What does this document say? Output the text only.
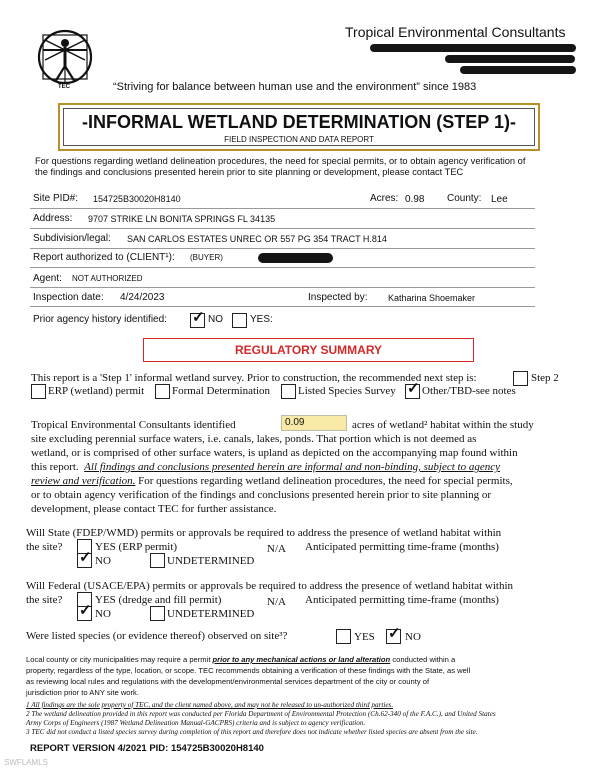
TEC
Tropical Environmental Consultants
“Striving for balance between human use and the environment” since 1983
-INFORMAL WETLAND DETERMINATION (STEP 1)-
FIELD INSPECTION AND DATA REPORT
For questions regarding wetland delineation procedures, the need for special permits, or to obtain agency verification of the findings and conclusions presented herein prior to site planning or development, please contact TEC
Site PID#: 154725B30020H8140	Acres: 0.98 County: Lee
Address: 9707 STRIKE LN BONITA SPRINGS FL 34135
Subdivision/legal: SAN CARLOS ESTATES UNREC OR 557 PG 354 TRACT H.814
Report authorized to (CLIENT¹): (BUYER)
Agent: NOT AUTHORIZED
Inspection date: 4/24/2023	Inspected by: Katharina Shoemaker
Prior agency history identified: ✓ NO	YES:
REGULATORY SUMMARY
This report is a 'Step 1' informal wetland survey. Prior to construction, the recommended next step is:	Step 2
ERP (wetland) permit	Formal Determination	Listed Species Survey ✓ Other/TBD-see notes
Tropical Environmental Consultants identified	0.09	acres of wetland² habitat within the study
site excluding perennial surface waters, i.e. canals, lakes, ponds. That portion which is not deemed as
wetland, or is comprised of other surface waters, is upland as depicted on the accompanying map found within
this report. All findings and conclusions presented herein are informal and non-binding, subject to agency
review and verification. For questions regarding wetland delineation procedures, the need for special permits,
or to obtain agency verification of the findings and conclusions presented herein prior to site planning or
development, please contact TEC for further assistance.
Will State (FDEP/WMD) permits or approvals be required to address the presence of wetland habitat within
the site?	YES (ERP permit)	N/A Anticipated permitting time-frame (months)
✓ NO	UNDETERMINED
Will Federal (USACE/EPA) permits or approvals be required to address the presence of wetland habitat within
the site?	YES (dredge and fill permit)	N/A Anticipated permitting time-frame (months)
✓ NO	UNDETERMINED
Were listed species (or evidence thereof) observed on site³?	YES ✓ NO
Local county or city municipalities may require a permit prior to any mechanical actions or land alteration conducted within a
property, regardless of the type, location, or scope. TEC recommends obtaining a verification of these findings with the State, as well
as reviewing local rules and regulations with the development/environmental services department of the city or county of
jurisdiction prior to ANY site work.
1 All findings are the sole property of TEC, and the client named above, and may not be released to un-authorized third parties.
2 The wetland delineation provided in this report was conducted per Florida Department of Environmental Protection (Ch.62-340 of the F.A.C.), and United States
Army Corps of Engineers (1987 Wetland Delineation Manual-GACPRS) criteria and is subject to agency verification.
3 TEC did not conduct a listed species survey during completion of this report and therefore does not indicate whether listed species are absent from the site.
REPORT VERSION 4/2021 PID: 154725B30020H8140
SWFLAMLS
